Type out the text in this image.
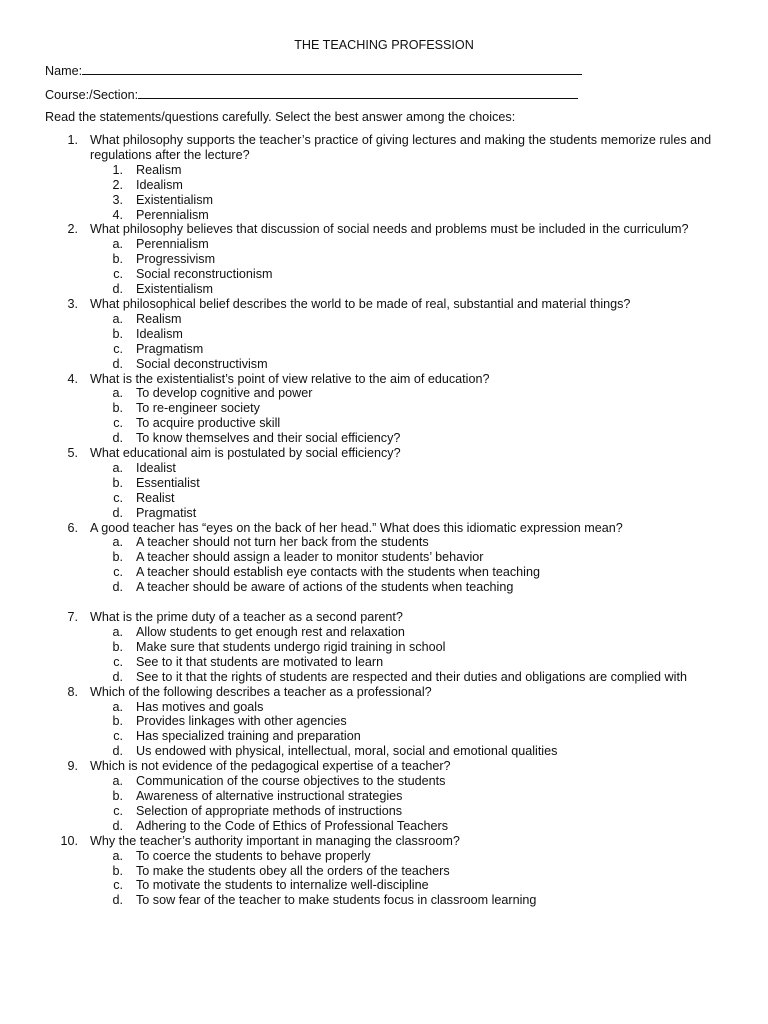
THE TEACHING PROFESSION
Name:
Course:/Section:
Read the statements/questions carefully. Select the best answer among the choices:
1. What philosophy supports the teacher’s practice of giving lectures and making the students memorize rules and regulations after the lecture?
1. Realism
2. Idealism
3. Existentialism
4. Perennialism
2. What philosophy believes that discussion of social needs and problems must be included in the curriculum?
a. Perennialism
b. Progressivism
c. Social reconstructionism
d. Existentialism
3. What philosophical belief describes the world to be made of real, substantial and material things?
a. Realism
b. Idealism
c. Pragmatism
d. Social deconstructivism
4. What is the existentialist’s point of view relative to the aim of education?
a. To develop cognitive and power
b. To re-engineer society
c. To acquire productive skill
d. To know themselves and their social efficiency?
5. What educational aim is postulated by social efficiency?
a. Idealist
b. Essentialist
c. Realist
d. Pragmatist
6. A good teacher has “eyes on the back of her head.” What does this idiomatic expression mean?
a. A teacher should not turn her back from the students
b. A teacher should assign a leader to monitor students’ behavior
c. A teacher should establish eye contacts with the students when teaching
d. A teacher should be aware of actions of the students when teaching
7. What is the prime duty of a teacher as a second parent?
a. Allow students to get enough rest and relaxation
b. Make sure that students undergo rigid training in school
c. See to it that students are motivated to learn
d. See to it that the rights of students are respected and their duties and obligations are complied with
8. Which of the following describes a teacher as a professional?
a. Has motives and goals
b. Provides linkages with other agencies
c. Has specialized training and preparation
d. Us endowed with physical, intellectual, moral, social and emotional qualities
9. Which is not evidence of the pedagogical expertise of a teacher?
a. Communication of the course objectives to the students
b. Awareness of alternative instructional strategies
c. Selection of appropriate methods of instructions
d. Adhering to the Code of Ethics of Professional Teachers
10. Why the teacher’s authority important in managing the classroom?
a. To coerce the students to behave properly
b. To make the students obey all the orders of the teachers
c. To motivate the students to internalize well-discipline
d. To sow fear of the teacher to make students focus in classroom learning
